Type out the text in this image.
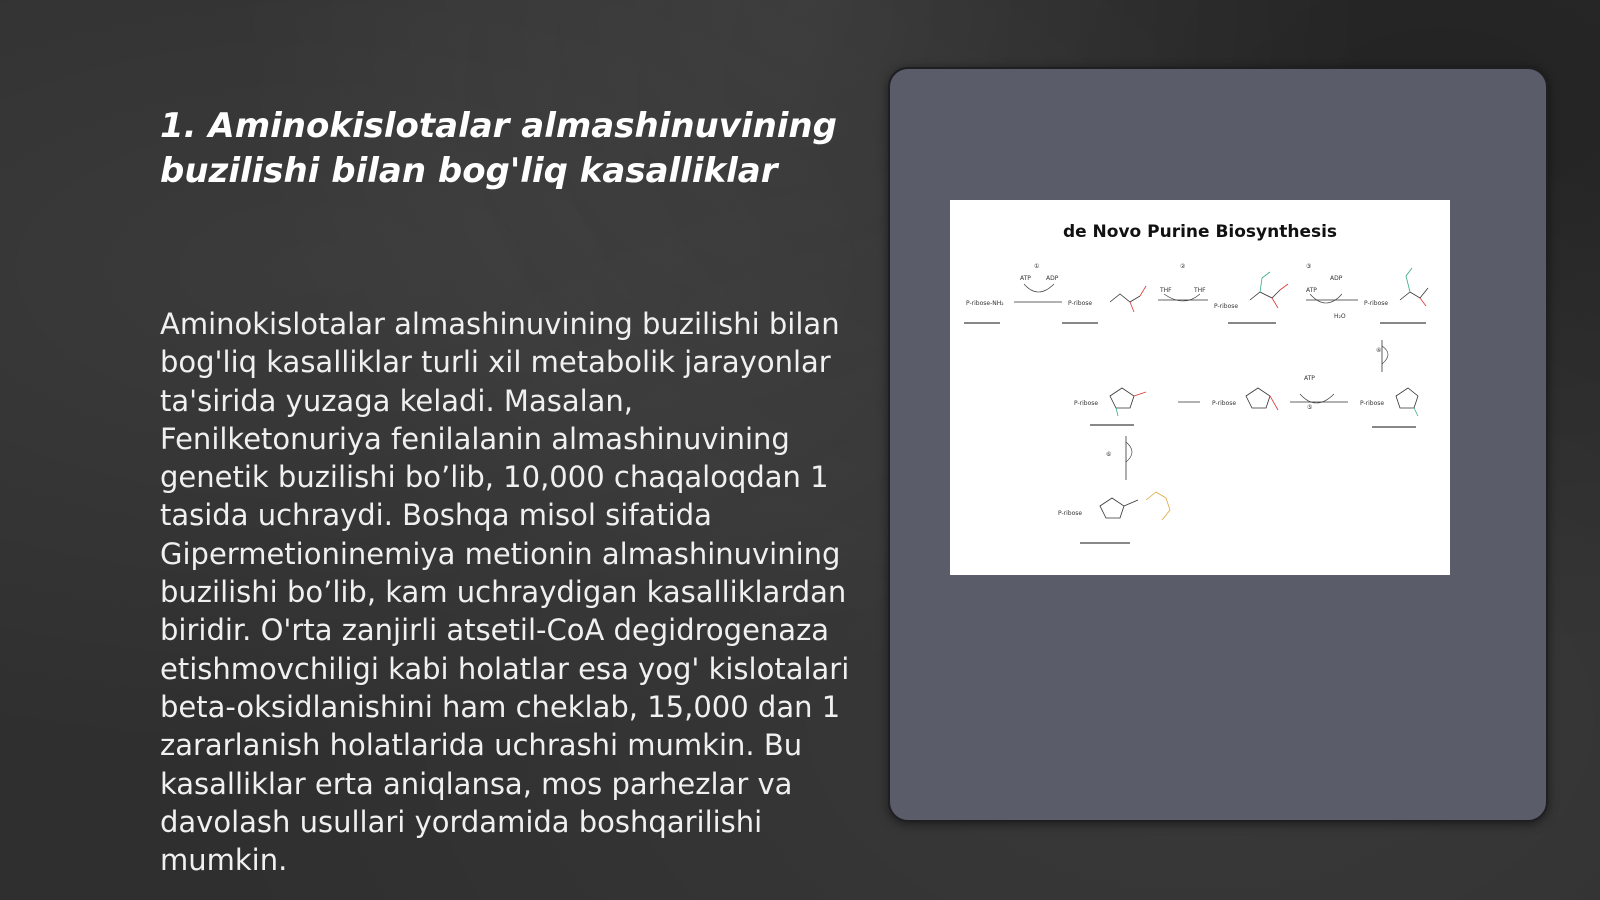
1. Aminokislotalar almashinuvining buzilishi bilan bog'liq kasalliklar

Aminokislotalar almashinuvining buzilishi bilan bog'liq kasalliklar turli xil metabolik jarayonlar ta'sirida yuzaga keladi. Masalan, Fenilketonuriya fenilalanin almashinuvining genetik buzilishi bo’lib, 10,000 chaqaloqdan 1 tasida uchraydi. Boshqa misol sifatida Gipermetioninemiya metionin almashinuvining buzilishi bo’lib, kam uchraydigan kasalliklardan biridir. O'rta zanjirli atsetil-CoA degidrogenaza etishmovchiligi kabi holatlar esa yog' kislotalari beta-oksidlanishini ham cheklab, 15,000 dan 1 zararlanish holatlarida uchrashi mumkin. Bu kasalliklar erta aniqlansa, mos parhezlar va davolash usullari yordamida boshqarilishi mumkin.

de Novo Purine Biosynthesis
①	②	③
④
⑤
⑥
P-ribose-NH₂	P-ribose	P-ribose	P-ribose
ATP	ADP
THF	THF	ATP
ADP
H₂O
P-ribose	P-ribose	P-ribose
ATP
P-ribose
